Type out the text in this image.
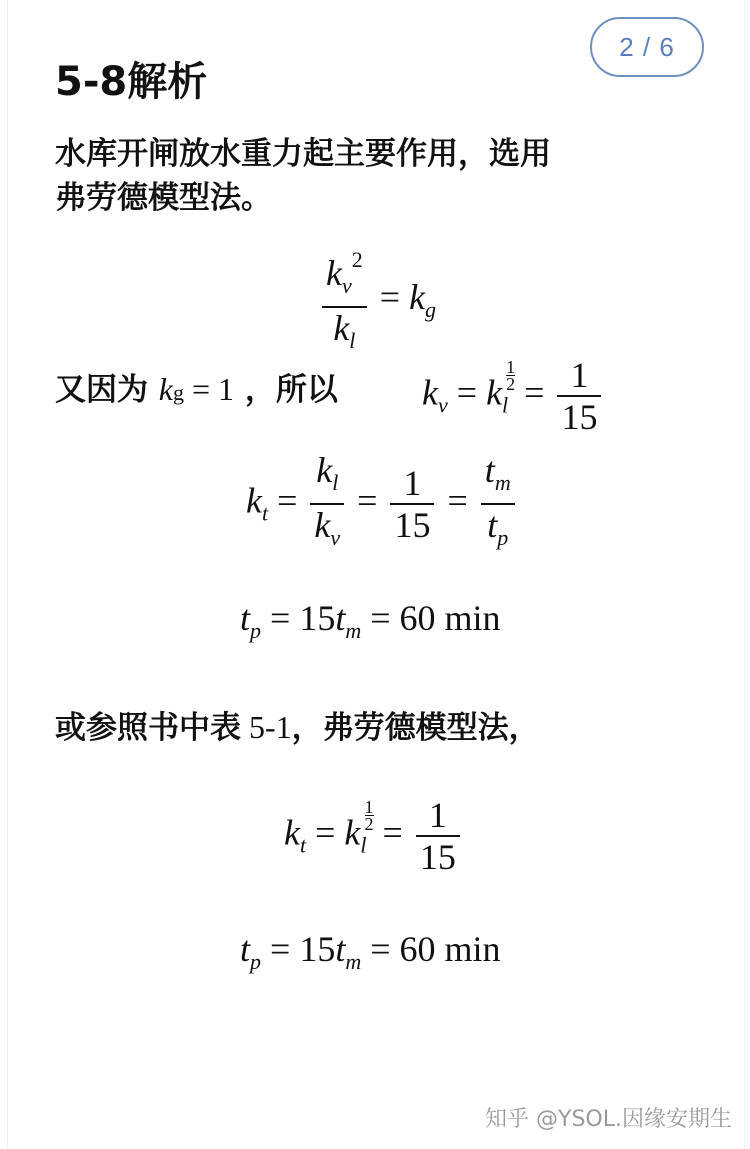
2 / 6
5-8解析
水库开闸放水重力起主要作用，选用
弗劳德模型法。
$\frac{k_v^2}{k_l} = k_g$
又因为 kg = 1 ，所以 $k_v = k_l$
$\frac{1}{2} = \frac{1}{15}$
$k_t = \frac{k_l}{k_v} = \frac{1}{15} = \frac{t_m}{t_p}$
$t_p = 15t_m = 60$ min
或参照书中表 5-1，弗劳德模型法，
$k_t = k_l$
$\frac{1}{2} = \frac{1}{15}$
$t_p = 15t_m = 60$ min
知乎 @YSOL.因缘安期生
